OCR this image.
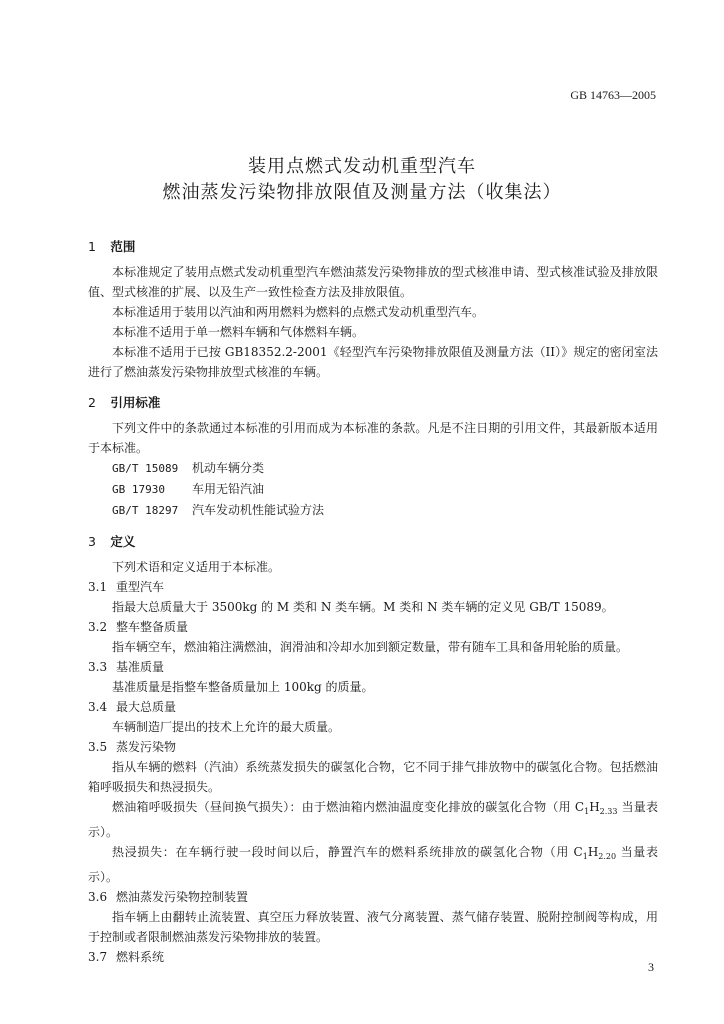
GB 14763—2005
装用点燃式发动机重型汽车
燃油蒸发污染物排放限值及测量方法（收集法）
1 范围

本标准规定了装用点燃式发动机重型汽车燃油蒸发污染物排放的型式核准申请、型式核准试验及排放限值、型式核准的扩展、以及生产一致性检查方法及排放限值。

本标准适用于装用以汽油和两用燃料为燃料的点燃式发动机重型汽车。

本标准不适用于单一燃料车辆和气体燃料车辆。

本标准不适用于已按 GB18352.2-2001《轻型汽车污染物排放限值及测量方法（II）》规定的密闭室法进行了燃油蒸发污染物排放型式核准的车辆。

2 引用标准

下列文件中的条款通过本标准的引用而成为本标准的条款。凡是不注日期的引用文件，其最新版本适用于本标准。

GB/T 15089 机动车辆分类
GB 17930 车用无铅汽油
GB/T 18297 汽车发动机性能试验方法
3 定义

下列术语和定义适用于本标准。

3.1 重型汽车

指最大总质量大于 3500kg 的 M 类和 N 类车辆。M 类和 N 类车辆的定义见 GB/T 15089。

3.2 整车整备质量

指车辆空车，燃油箱注满燃油，润滑油和冷却水加到额定数量，带有随车工具和备用轮胎的质量。

3.3 基准质量

基准质量是指整车整备质量加上 100kg 的质量。

3.4 最大总质量

车辆制造厂提出的技术上允许的最大质量。

3.5 蒸发污染物

指从车辆的燃料（汽油）系统蒸发损失的碳氢化合物，它不同于排气排放物中的碳氢化合物。包括燃油箱呼吸损失和热浸损失。

燃油箱呼吸损失（昼间换气损失）：由于燃油箱内燃油温度变化排放的碳氢化合物（用 $C_1H_{2.33}$ 当量表示）。

热浸损失：在车辆行驶一段时间以后，静置汽车的燃料系统排放的碳氢化合物（用 $C_1H_{2.20}$ 当量表示）。

3.6 燃油蒸发污染物控制装置

指车辆上由翻转止流装置、真空压力释放装置、液气分离装置、蒸气储存装置、脱附控制阀等构成，用于控制或者限制燃油蒸发污染物排放的装置。

3.7 燃料系统
3
